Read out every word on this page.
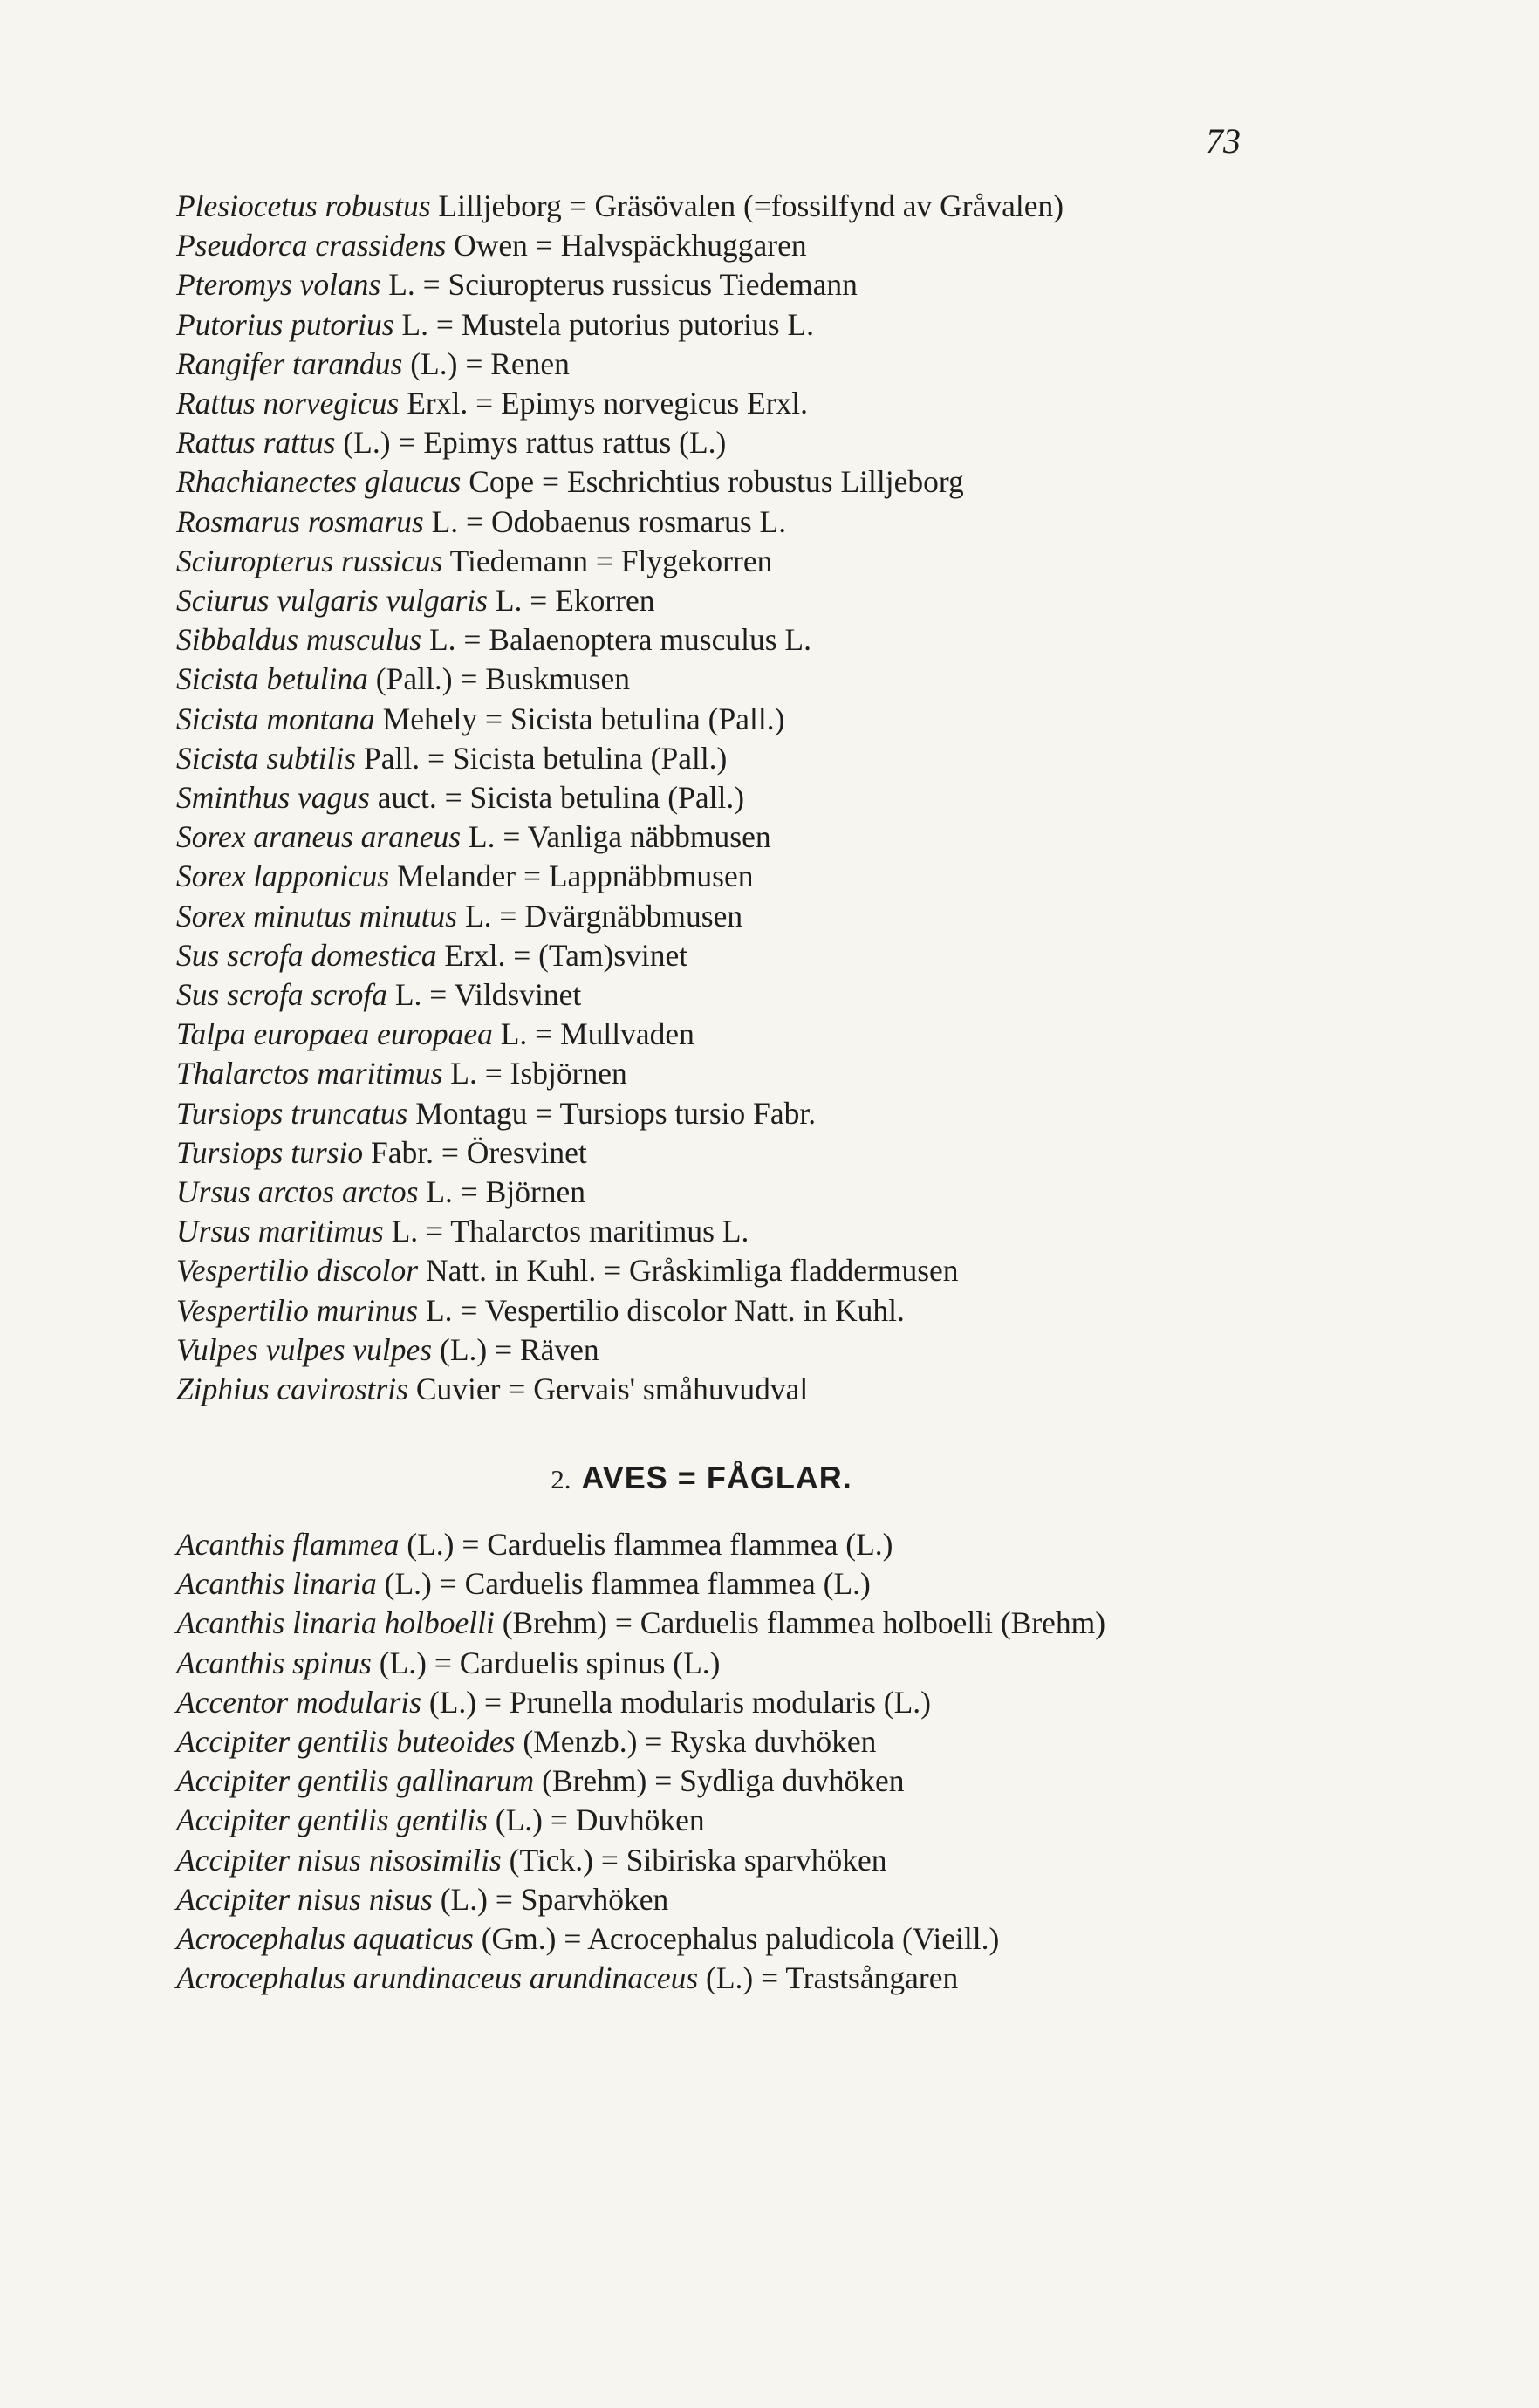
73
Plesiocetus robustus Lilljeborg = Gräsövalen (=fossilfynd av Gråvalen)
Pseudorca crassidens Owen = Halvspäckhuggaren
Pteromys volans L. = Sciuropterus russicus Tiedemann
Putorius putorius L. = Mustela putorius putorius L.
Rangifer tarandus (L.) = Renen
Rattus norvegicus Erxl. = Epimys norvegicus Erxl.
Rattus rattus (L.) = Epimys rattus rattus (L.)
Rhachianectes glaucus Cope = Eschrichtius robustus Lilljeborg
Rosmarus rosmarus L. = Odobaenus rosmarus L.
Sciuropterus russicus Tiedemann = Flygekorren
Sciurus vulgaris vulgaris L. = Ekorren
Sibbaldus musculus L. = Balaenoptera musculus L.
Sicista betulina (Pall.) = Buskmusen
Sicista montana Mehely = Sicista betulina (Pall.)
Sicista subtilis Pall. = Sicista betulina (Pall.)
Sminthus vagus auct. = Sicista betulina (Pall.)
Sorex araneus araneus L. = Vanliga näbbmusen
Sorex lapponicus Melander = Lappnäbbmusen
Sorex minutus minutus L. = Dvärgnäbbmusen
Sus scrofa domestica Erxl. = (Tam)svinet
Sus scrofa scrofa L. = Vildsvinet
Talpa europaea europaea L. = Mullvaden
Thalarctos maritimus L. = Isbjörnen
Tursiops truncatus Montagu = Tursiops tursio Fabr.
Tursiops tursio Fabr. = Öresvinet
Ursus arctos arctos L. = Björnen
Ursus maritimus L. = Thalarctos maritimus L.
Vespertilio discolor Natt. in Kuhl. = Gråskimliga fladdermusen
Vespertilio murinus L. = Vespertilio discolor Natt. in Kuhl.
Vulpes vulpes vulpes (L.) = Räven
Ziphius cavirostris Cuvier = Gervais' småhuvudval
2. AVES = FÅGLAR.
Acanthis flammea (L.) = Carduelis flammea flammea (L.)
Acanthis linaria (L.) = Carduelis flammea flammea (L.)
Acanthis linaria holboelli (Brehm) = Carduelis flammea holboelli (Brehm)
Acanthis spinus (L.) = Carduelis spinus (L.)
Accentor modularis (L.) = Prunella modularis modularis (L.)
Accipiter gentilis buteoides (Menzb.) = Ryska duvhöken
Accipiter gentilis gallinarum (Brehm) = Sydliga duvhöken
Accipiter gentilis gentilis (L.) = Duvhöken
Accipiter nisus nisosimilis (Tick.) = Sibiriska sparvhöken
Accipiter nisus nisus (L.) = Sparvhöken
Acrocephalus aquaticus (Gm.) = Acrocephalus paludicola (Vieill.)
Acrocephalus arundinaceus arundinaceus (L.) = Trastsångaren
